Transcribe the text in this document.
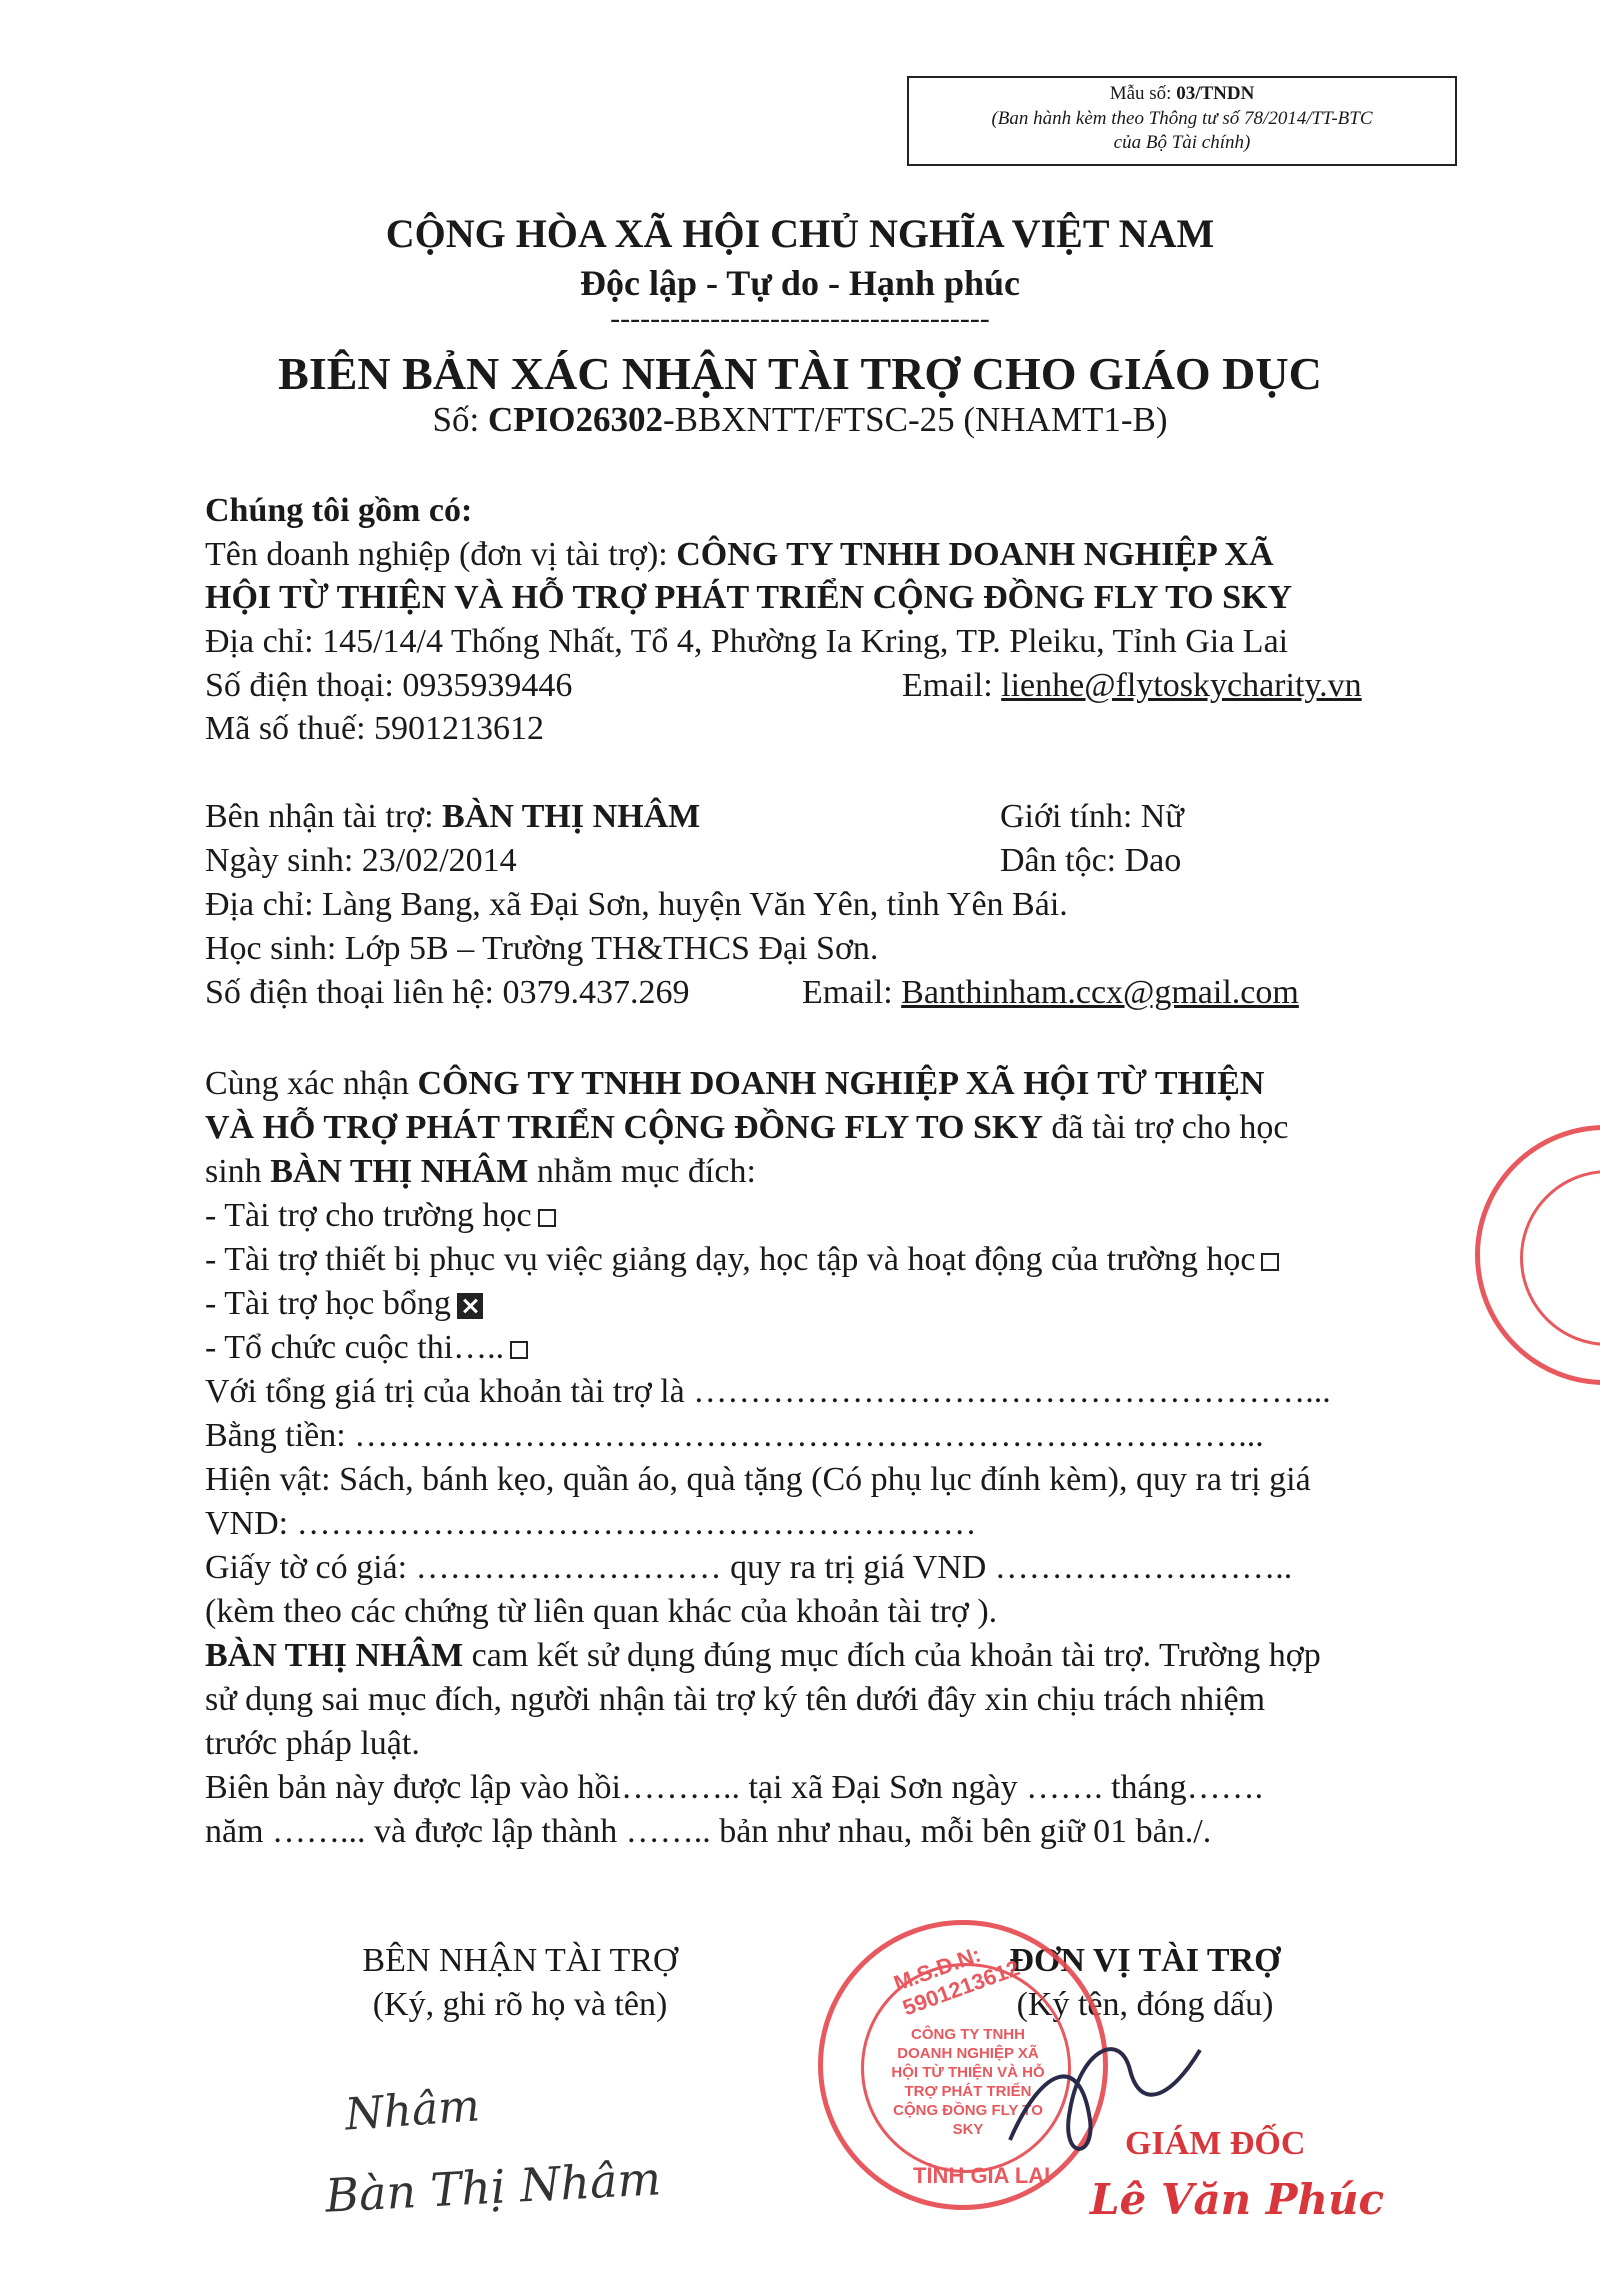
Mẫu số: 03/TNDN
(Ban hành kèm theo Thông tư số 78/2014/TT-BTC
của Bộ Tài chính)
CỘNG HÒA XÃ HỘI CHỦ NGHĨA VIỆT NAM
Độc lập - Tự do - Hạnh phúc
--------------------------------------
BIÊN BẢN XÁC NHẬN TÀI TRỢ CHO GIÁO DỤC
Số: CPIO26302-BBXNTT/FTSC-25 (NHAMT1-B)
Chúng tôi gồm có:
Tên doanh nghiệp (đơn vị tài trợ): CÔNG TY TNHH DOANH NGHIỆP XÃ
HỘI TỪ THIỆN VÀ HỖ TRỢ PHÁT TRIỂN CỘNG ĐỒNG FLY TO SKY
Địa chỉ: 145/14/4 Thống Nhất, Tổ 4, Phường Ia Kring, TP. Pleiku, Tỉnh Gia Lai
Số điện thoại: 0935939446	Email: lienhe@flytoskycharity.vn
Mã số thuế: 5901213612
Bên nhận tài trợ: BÀN THỊ NHÂM	Giới tính: Nữ
Ngày sinh: 23/02/2014	Dân tộc: Dao
Địa chỉ: Làng Bang, xã Đại Sơn, huyện Văn Yên, tỉnh Yên Bái.
Học sinh: Lớp 5B – Trường TH&THCS Đại Sơn.
Số điện thoại liên hệ: 0379.437.269	Email: Banthinham.ccx@gmail.com
Cùng xác nhận CÔNG TY TNHH DOANH NGHIỆP XÃ HỘI TỪ THIỆN
VÀ HỖ TRỢ PHÁT TRIỂN CỘNG ĐỒNG FLY TO SKY đã tài trợ cho học
sinh BÀN THỊ NHÂM nhằm mục đích:
- Tài trợ cho trường học
- Tài trợ thiết bị phục vụ việc giảng dạy, học tập và hoạt động của trường học
- Tài trợ học bổng
- Tổ chức cuộc thi…..
Với tổng giá trị của khoản tài trợ là ………………………………………………...
Bằng tiền: ……………………………………………………………………...
Hiện vật: Sách, bánh kẹo, quần áo, quà tặng (Có phụ lục đính kèm), quy ra trị giá
VND: ……………………………………………………
Giấy tờ có giá: ……………………… quy ra trị giá VND ……………….……..
(kèm theo các chứng từ liên quan khác của khoản tài trợ ).
BÀN THỊ NHÂM cam kết sử dụng đúng mục đích của khoản tài trợ. Trường hợp
sử dụng sai mục đích, người nhận tài trợ ký tên dưới đây xin chịu trách nhiệm
trước pháp luật.
Biên bản này được lập vào hồi……….. tại xã Đại Sơn ngày ……. tháng…….
năm ……... và được lập thành …….. bản như nhau, mỗi bên giữ 01 bản./.
BÊN NHẬN TÀI TRỢ
(Ký, ghi rõ họ và tên)
Nhâm
Bàn Thị Nhâm
ĐƠN VỊ TÀI TRỢ
(Ký tên, đóng dấu)
M.S.D.N: 5901213612
CÔNG TY TNHH DOANH NGHIỆP XÃ HỘI TỪ THIỆN VÀ HỖ TRỢ PHÁT TRIỂN CỘNG ĐỒNG FLY TO SKY
TỈNH GIA LAI
GIÁM ĐỐC
Lê Văn Phúc
